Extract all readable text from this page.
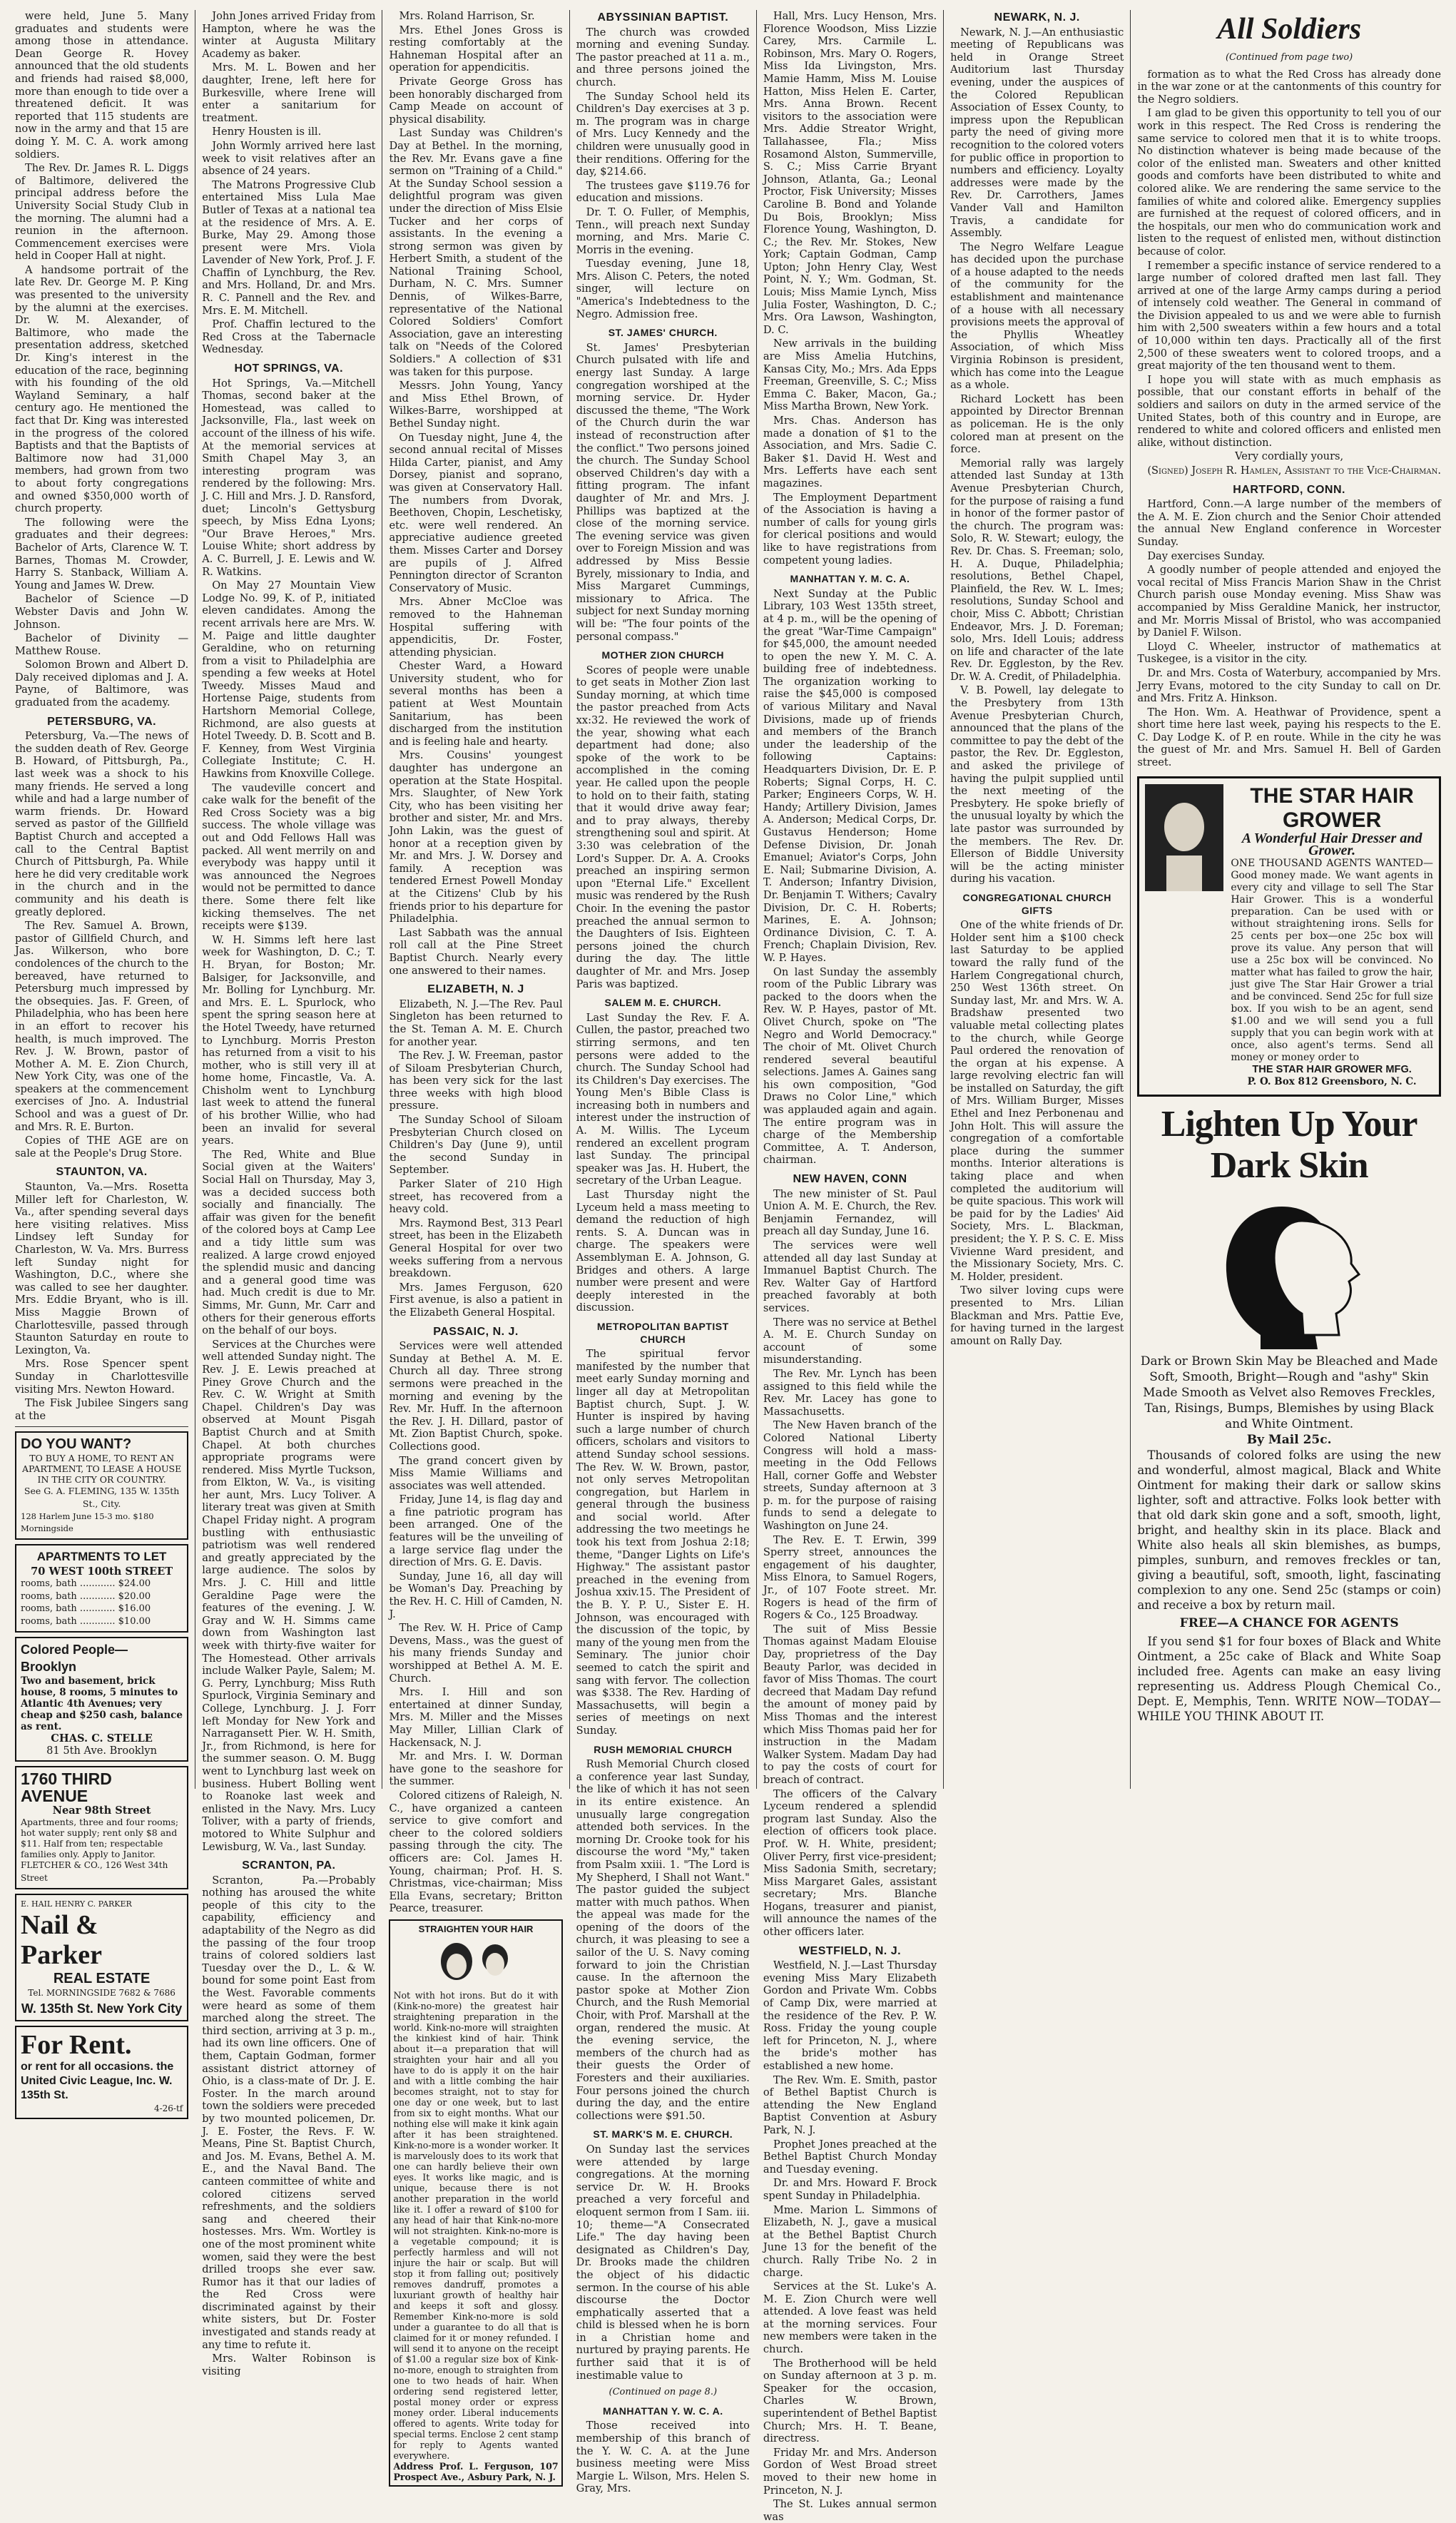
were held, June 5. Many graduates and students were among those in attendance. Dean George R. Hovey announced that the old students and friends had raised $8,000, more than enough to tide over a threatened deficit. It was reported that 115 students are now in the army and that 15 are doing Y. M. C. A. work among soldiers.

The Rev. Dr. James R. L. Diggs of Baltimore, delivered the principal address before the University Social Study Club in the morning. The alumni had a reunion in the afternoon. Commencement exercises were held in Cooper Hall at night.

A handsome portrait of the late Rev. Dr. George M. P. King was presented to the university by the alumni at the exercises. Dr. W. M. Alexander, of Baltimore, who made the presentation address, sketched Dr. King's interest in the education of the race, beginning with his founding of the old Wayland Seminary, a half century ago. He mentioned the fact that Dr. King was interested in the progress of the colored Baptists and that the Baptists of Baltimore now had 31,000 members, had grown from two to about forty congregations and owned $350,000 worth of church property.

The following were the graduates and their degrees: Bachelor of Arts, Clarence W. T. Barnes, Thomas M. Crowder, Harry S. Stanback, William A. Young and James W. Drew.

Bachelor of Science —D Webster Davis and John W. Johnson.

Bachelor of Divinity — Matthew Rouse.

Solomon Brown and Albert D. Daly received diplomas and J. A. Payne, of Baltimore, was graduated from the academy.

PETERSBURG, VA.

Petersburg, Va.—The news of the sudden death of Rev. George B. Howard, of Pittsburgh, Pa., last week was a shock to his many friends. He served a long while and had a large number of warm friends. Dr. Howard served as pastor of the Gillfield Baptist Church and accepted a call to the Central Baptist Church of Pittsburgh, Pa. While here he did very creditable work in the church and in the community and his death is greatly deplored.

The Rev. Samuel A. Brown, pastor of Gillfield Church, and Jas. Wilkerson, who bore condolences of the church to the bereaved, have returned to Petersburg much impressed by the obsequies. Jas. F. Green, of Philadelphia, who has been here in an effort to recover his health, is much improved. The Rev. J. W. Brown, pastor of Mother A. M. E. Zion Church, New York City, was one of the speakers at the commencement exercises of Jno. A. Industrial School and was a guest of Dr. and Mrs. R. E. Burton.

Copies of THE AGE are on sale at the People's Drug Store.

STAUNTON, VA.

Staunton, Va.—Mrs. Rosetta Miller left for Charleston, W. Va., after spending several days here visiting relatives. Miss Lindsey left Sunday for Charleston, W. Va. Mrs. Burress left Sunday night for Washington, D.C., where she was called to see her daughter. Mrs. Eddie Bryant, who is ill. Miss Maggie Brown of Charlottesville, passed through Staunton Saturday en route to Lexington, Va.

Mrs. Rose Spencer spent Sunday in Charlottesville visiting Mrs. Newton Howard.

The Fisk Jubilee Singers sang at the

DO YOU WANT?
TO BUY A HOME, TO RENT AN APARTMENT, TO LEASE A HOUSE IN THE CITY OR COUNTRY.
See G. A. FLEMING, 135 W. 135th St., City.
128 Harlem June 15-3 mo. $180 Morningside
APARTMENTS TO LET
70 WEST 100th STREET
rooms, bath ............ $24.00
rooms, bath ............ $20.00
rooms, bath ............ $16.00
rooms, bath ............ $10.00
Colored People—Brooklyn
Two and basement, brick house, 8 rooms, 5 minutes to Atlantic 4th Avenues; very cheap and $250 cash, balance as rent.
CHAS. C. STELLE
81 5th Ave. Brooklyn
1760 THIRD AVENUE
Near 98th Street
Apartments, three and four rooms; hot water supply; rent only $8 and $11. Half from ten; respectable families only. Apply to Janitor.
FLETCHER & CO., 126 West 34th Street
E. HAIL HENRY C. PARKER
Nail & Parker
REAL ESTATE
Tel. MORNINGSIDE 7682 & 7686
W. 135th St. New York City
For Rent.
or rent for all occasions. the United Civic League, Inc. W. 135th St.
4-26-tf

John Jones arrived Friday from Hampton, where he was the winter at Augusta Military Academy as baker.

Mrs. M. L. Bowen and her daughter, Irene, left here for Burkesville, where Irene will enter a sanitarium for treatment.

Henry Housten is ill.

John Wormly arrived here last week to visit relatives after an absence of 24 years.

The Matrons Progressive Club entertained Miss Lula Mae Butler of Texas at a national tea at the residence of Mrs. A. E. Burke, May 29. Among those present were Mrs. Viola Lavender of New York, Prof. J. F. Chaffin of Lynchburg, the Rev. and Mrs. Holland, Dr. and Mrs. R. C. Pannell and the Rev. and Mrs. E. M. Mitchell.

Prof. Chaffin lectured to the Red Cross at the Tabernacle Wednesday.

HOT SPRINGS, VA.

Hot Springs, Va.—Mitchell Thomas, second baker at the Homestead, was called to Jacksonville, Fla., last week on account of the illness of his wife. At the memorial services at Smith Chapel May 3, an interesting program was rendered by the following: Mrs. J. C. Hill and Mrs. J. D. Ransford, duet; Lincoln's Gettysburg speech, by Miss Edna Lyons; "Our Brave Heroes," Mrs. Louise White; short address by A. C. Burrell, J. E. Lewis and W. R. Watkins.

On May 27 Mountain View Lodge No. 99, K. of P., initiated eleven candidates. Among the recent arrivals here are Mrs. W. M. Paige and little daughter Geraldine, who on returning from a visit to Philadelphia are spending a few weeks at Hotel Tweedy. Misses Maud and Hortense Paige, students from Hartshorn Memorial College, Richmond, are also guests at Hotel Tweedy. D. B. Scott and B. F. Kenney, from West Virginia Collegiate Institute; C. H. Hawkins from Knoxville College.

The vaudeville concert and cake walk for the benefit of the Red Cross Society was a big success. The whole village was out and Odd Fellows Hall was packed. All went merrily on and everybody was happy until it was announced the Negroes would not be permitted to dance there. Some there felt like kicking themselves. The net receipts were $139.

W. H. Simms left here last week for Washington, D. C.; T. H. Bryan, for Boston; Mr. Balsiger, for Jacksonville, and Mr. Bolling for Lynchburg. Mr. and Mrs. E. L. Spurlock, who spent the spring season here at the Hotel Tweedy, have returned to Lynchburg. Morris Preston has returned from a visit to his mother, who is still very ill at home home, Fincastle, Va. A. Chisholm went to Lynchburg last week to attend the funeral of his brother Willie, who had been an invalid for several years.

The Red, White and Blue Social given at the Waiters' Social Hall on Thursday, May 3, was a decided success both socially and financially. The affair was given for the benefit of the colored boys at Camp Lee and a tidy little sum was realized. A large crowd enjoyed the splendid music and dancing and a general good time was had. Much credit is due to Mr. Simms, Mr. Gunn, Mr. Carr and others for their generous efforts on the behalf of our boys.

Services at the Churches were well attended Sunday night. The Rev. J. E. Lewis preached at Piney Grove Church and the Rev. C. W. Wright at Smith Chapel. Children's Day was observed at Mount Pisgah Baptist Church and at Smith Chapel. At both churches appropriate programs were rendered. Miss Myrtle Tuckson, from Elkton, W. Va., is visiting her aunt, Mrs. Lucy Toliver. A literary treat was given at Smith Chapel Friday night. A program bustling with enthusiastic patriotism was well rendered and greatly appreciated by the large audience. The solos by Mrs. J. C. Hill and little Geraldine Page were the features of the evening. J. W. Gray and W. H. Simms came down from Washington last week with thirty-five waiter for The Homestead. Other arrivals include Walker Payle, Salem; M. G. Perry, Lynchburg; Miss Ruth Spurlock, Virginia Seminary and College, Lynchburg. J. J. Forr left Monday for New York and Narragansett Pier. W. H. Smith, Jr., from Richmond, is here for the summer season. O. M. Bugg went to Lynchburg last week on business. Hubert Bolling went to Roanoke last week and enlisted in the Navy. Mrs. Lucy Toliver, with a party of friends, motored to White Sulphur and Lewisburg, W. Va., last Sunday.

SCRANTON, PA.

Scranton, Pa.—Probably nothing has aroused the white people of this city to the capability, efficiency and adaptability of the Negro as did the passing of the four troop trains of colored soldiers last Tuesday over the D., L. & W. bound for some point East from the West. Favorable comments were heard as some of them marched along the street. The third section, arriving at 3 p. m., had its own line officers. One of them, Captain Godman, former assistant district attorney of Ohio, is a class-mate of Dr. J. E. Foster. In the march around town the soldiers were preceded by two mounted policemen, Dr. J. E. Foster, the Revs. F. W. Means, Pine St. Baptist Church, and Jos. M. Evans, Bethel A. M. E., and the Naval Band. The canteen committee of white and colored citizens served refreshments, and the soldiers sang and cheered their hostesses. Mrs. Wm. Wortley is one of the most prominent white women, said they were the best drilled troops she ever saw. Rumor has it that our ladies of the Red Cross were discriminated against by their white sisters, but Dr. Foster investigated and stands ready at any time to refute it.

Mrs. Walter Robinson is visiting

Mrs. Roland Harrison, Sr.

Mrs. Ethel Jones Gross is resting comfortably at the Hahneman Hospital after an operation for appendicitis.

Private George Gross has been honorably discharged from Camp Meade on account of physical disability.

Last Sunday was Children's Day at Bethel. In the morning, the Rev. Mr. Evans gave a fine sermon on "Training of a Child." At the Sunday School session a delightful program was given under the direction of Miss Elsie Tucker and her corps of assistants. In the evening a strong sermon was given by Herbert Smith, a student of the National Training School, Durham, N. C. Mrs. Sumner Dennis, of Wilkes-Barre, representative of the National Colored Soldiers' Comfort Association, gave an interesting talk on "Needs of the Colored Soldiers." A collection of $31 was taken for this purpose.

Messrs. John Young, Yancy and Miss Ethel Brown, of Wilkes-Barre, worshipped at Bethel Sunday night.

On Tuesday night, June 4, the second annual recital of Misses Hilda Carter, pianist, and Amy Dorsey, pianist and soprano, was given at Conservatory Hall. The numbers from Dvorak, Beethoven, Chopin, Leschetisky, etc. were well rendered. An appreciative audience greeted them. Misses Carter and Dorsey are pupils of J. Alfred Pennington director of Scranton Conservatory of Music.

Mrs. Abner McCloe was removed to the Hahneman Hospital suffering with appendicitis, Dr. Foster, attending physician.

Chester Ward, a Howard University student, who for several months has been a patient at West Mountain Sanitarium, has been discharged from the institution and is feeling hale and hearty.

Mrs. Cousins' youngest daughter has undergone an operation at the State Hospital. Mrs. Slaughter, of New York City, who has been visiting her brother and sister, Mr. and Mrs. John Lakin, was the guest of honor at a reception given by Mr. and Mrs. J. W. Dorsey and family. A reception was tendered Ernest Powell Monday at the Citizens' Club by his friends prior to his departure for Philadelphia.

Last Sabbath was the annual roll call at the Pine Street Baptist Church. Nearly every one answered to their names.

ELIZABETH, N. J

Elizabeth, N. J.—The Rev. Paul Singleton has been returned to the St. Teman A. M. E. Church for another year.

The Rev. J. W. Freeman, pastor of Siloam Presbyterian Church, has been very sick for the last three weeks with high blood pressure.

The Sunday School of Siloam Presbyterian Church closed on Children's Day (June 9), until the second Sunday in September.

Parker Slater of 210 High street, has recovered from a heavy cold.

Mrs. Raymond Best, 313 Pearl street, has been in the Elizabeth General Hospital for over two weeks suffering from a nervous breakdown.

Mrs. James Ferguson, 620 First avenue, is also a patient in the Elizabeth General Hospital.

PASSAIC, N. J.

Services were well attended Sunday at Bethel A. M. E. Church all day. Three strong sermons were preached in the morning and evening by the Rev. Mr. Huff. In the afternoon the Rev. J. H. Dillard, pastor of Mt. Zion Baptist Church, spoke. Collections good.

The grand concert given by Miss Mamie Williams and associates was well attended.

Friday, June 14, is flag day and a fine patriotic program has been arranged. One of the features will be the unveiling of a large service flag under the direction of Mrs. G. E. Davis.

Sunday, June 16, all day will be Woman's Day. Preaching by the Rev. H. C. Hill of Camden, N. J.

The Rev. W. H. Price of Camp Devens, Mass., was the guest of his many friends Sunday and worshipped at Bethel A. M. E. Church.

Mrs. I. Hill and son entertained at dinner Sunday, Mrs. M. Miller and the Misses May Miller, Lillian Clark of Hackensack, N. J.

Mr. and Mrs. I. W. Dorman have gone to the seashore for the summer.

Colored citizens of Raleigh, N. C., have organized a canteen service to give comfort and cheer to the colored soldiers passing through the city. The officers are: Col. James H. Young, chairman; Prof. H. S. Christmas, vice-chairman; Miss Ella Evans, secretary; Britton Pearce, treasurer.

STRAIGHTEN YOUR HAIR
Not with hot irons. But do it with (Kink-no-more) the greatest hair straightening preparation in the world. Kink-no-more will straighten the kinkiest kind of hair. Think about it—a preparation that will straighten your hair and all you have to do is apply it on the hair and with a little combing the hair becomes straight, not to stay for one day or one week, but to last from six to eight months. What our nothing else will make it kink again after it has been straightened. Kink-no-more is a wonder worker. It is marvelously does to its work that one can hardly believe their own eyes. It works like magic, and is unique, because there is not another preparation in the world like it. I offer a reward of $100 for any head of hair that Kink-no-more will not straighten. Kink-no-more is a vegetable compound; it is perfectly harmless and will not injure the hair or scalp. But will stop it from falling out; positively removes dandruff, promotes a luxuriant growth of healthy hair and keeps it soft and glossy. Remember Kink-no-more is sold under a guarantee to do all that is claimed for it or money refunded. I will send it to anyone on the receipt of $1.00 a regular size box of Kink-no-more, enough to straighten from one to two heads of hair. When ordering send registered letter, postal money order or express money order. Liberal inducements offered to agents. Write today for special terms. Enclose 2 cent stamp for reply to Agents wanted everywhere.
Address Prof. L. Ferguson, 107 Prospect Ave., Asbury Park, N. J.
ABYSSINIAN BAPTIST.

The church was crowded morning and evening Sunday. The pastor preached at 11 a. m., and three persons joined the church.

The Sunday School held its Children's Day exercises at 3 p. m. The program was in charge of Mrs. Lucy Kennedy and the children were unusually good in their renditions. Offering for the day, $214.66.

The trustees gave $119.76 for education and missions.

Dr. T. O. Fuller, of Memphis, Tenn., will preach next Sunday morning, and Mrs. Marie C. Morris in the evening.

Tuesday evening, June 18, Mrs. Alison C. Peters, the noted singer, will lecture on "America's Indebtedness to the Negro. Admission free.

ST. JAMES' CHURCH.

St. James' Presbyterian Church pulsated with life and energy last Sunday. A large congregation worshiped at the morning service. Dr. Hyder discussed the theme, "The Work of the Church durin the war instead of reconstruction after the conflict." Two persons joined the church. The Sunday School observed Children's day with a fitting program. The infant daughter of Mr. and Mrs. J. Phillips was baptized at the close of the morning service. The evening service was given over to Foreign Mission and was addressed by Miss Bessie Byrely, missionary to India, and Miss Margaret Cummings, missionary to Africa. The subject for next Sunday morning will be: "The four points of the personal compass."

MOTHER ZION CHURCH

Scores of people were unable to get seats in Mother Zion last Sunday morning, at which time the pastor preached from Acts xx:32. He reviewed the work of the year, showing what each department had done; also spoke of the work to be accomplished in the coming year. He called upon the people to hold on to their faith, stating that it would drive away fear; and to pray always, thereby strengthening soul and spirit. At 3:30 was celebration of the Lord's Supper. Dr. A. A. Crooks preached an inspiring sermon upon "Eternal Life." Excellent music was rendered by the Rush Choir. In the evening the pastor preached the annual sermon to the Daughters of Isis. Eighteen persons joined the church during the day. The little daughter of Mr. and Mrs. Josep Paris was baptized.

SALEM M. E. CHURCH.

Last Sunday the Rev. F. A. Cullen, the pastor, preached two stirring sermons, and ten persons were added to the church. The Sunday School had its Children's Day exercises. The Young Men's Bible Class is increasing both in numbers and interest under the instruction of A. M. Willis. The Lyceum rendered an excellent program last Sunday. The principal speaker was Jas. H. Hubert, the secretary of the Urban League.

Last Thursday night the Lyceum held a mass meeting to demand the reduction of high rents. S. A. Duncan was in charge. The speakers were Assemblyman E. A. Johnson, G. Bridges and others. A large number were present and were deeply interested in the discussion.

METROPOLITAN BAPTIST CHURCH

The spiritual fervor manifested by the number that meet early Sunday morning and linger all day at Metropolitan Baptist church, Supt. J. W. Hunter is inspired by having such a large number of church officers, scholars and visitors to attend Sunday school sessions. The Rev. W. W. Brown, pastor, not only serves Metropolitan congregation, but Harlem in general through the business and social world. After addressing the two meetings he took his text from Joshua 2:18; theme, "Danger Lights on Life's Highway." The assistant pastor preached in the evening from Joshua xxiv.15. The President of the B. Y. P. U., Sister E. H. Johnson, was encouraged with the discussion of the topic, by many of the young men from the Seminary. The junior choir seemed to catch the spirit and sang with fervor. The collection was $338. The Rev. Harding of Massachusetts, will begin a series of meetings on next Sunday.

RUSH MEMORIAL CHURCH

Rush Memorial Church closed a conference year last Sunday, the like of which it has not seen in its entire existence. An unusually large congregation attended both services. In the morning Dr. Crooke took for his discourse the word "My," taken from Psalm xxiii. 1. "The Lord is My Shepherd, I Shall not Want." The pastor guided the subject matter with much pathos. When the appeal was made for the opening of the doors of the church, it was pleasing to see a sailor of the U. S. Navy coming forward to join the Christian cause. In the afternoon the pastor spoke at Mother Zion Church, and the Rush Memorial Choir, with Prof. Marshall at the organ, rendered the music. At the evening service, the members of the church had as their guests the Order of Foresters and their auxiliaries. Four persons joined the church during the day, and the entire collections were $91.50.

ST. MARK'S M. E. CHURCH.

On Sunday last the services were attended by large congregations. At the morning service Dr. W. H. Brooks preached a very forceful and eloquent sermon from I Sam. iii. 10; theme—"A Consecrated Life." The day having been designated as Children's Day, Dr. Brooks made the children the object of his didactic sermon. In the course of his able discourse the Doctor emphatically asserted that a child is blessed when he is born in a Christian home and nurtured by praying parents. He further said that it is of inestimable value to

(Continued on page 8.)
MANHATTAN Y. W. C. A.

Those received into membership of this branch of the Y. W. C. A. at the June business meeting were Miss Margie L. Wilson, Mrs. Helen S. Gray, Mrs.

Hall, Mrs. Lucy Henson, Mrs. Florence Woodson, Miss Lizzie Carey, Mrs. Carmile L. Robinson, Mrs. Mary O. Rogers, Miss Ida Livingston, Mrs. Mamie Hamm, Miss M. Louise Hatton, Miss Helen E. Carter, Mrs. Anna Brown. Recent visitors to the association were Mrs. Addie Streator Wright, Tallahassee, Fla.; Miss Rosamond Alston, Summerville, S. C.; Miss Carrie Bryant Johnson, Atlanta, Ga.; Leonal Proctor, Fisk University; Misses Caroline B. Bond and Yolande Du Bois, Brooklyn; Miss Florence Young, Washington, D. C.; the Rev. Mr. Stokes, New York; Captain Godman, Camp Upton; John Henry Clay, West Point, N. Y.; Wm. Godman, St. Louis; Miss Mamie Lynch, Miss Julia Foster, Washington, D. C.; Mrs. Ora Lawson, Washington, D. C.

New arrivals in the building are Miss Amelia Hutchins, Kansas City, Mo.; Mrs. Ada Epps Freeman, Greenville, S. C.; Miss Emma C. Baker, Macon, Ga.; Miss Martha Brown, New York.

Mrs. Chas. Anderson has made a donation of $1 to the Association, and Mrs. Sadie C. Baker $1. David H. West and Mrs. Lefferts have each sent magazines.

The Employment Department of the Association is having a number of calls for young girls for clerical positions and would like to have registrations from competent young ladies.

MANHATTAN Y. M. C. A.

Next Sunday at the Public Library, 103 West 135th street, at 4 p. m., will be the opening of the great "War-Time Campaign" for $45,000, the amount needed to open the new Y. M. C. A. building free of indebtedness. The organization working to raise the $45,000 is composed of various Military and Naval Divisions, made up of friends and members of the Branch under the leadership of the following Captains: Headquarters Division, Dr. E. P. Roberts; Signal Corps, H. C. Parker; Engineers Corps, W. H. Handy; Artillery Division, James A. Anderson; Medical Corps, Dr. Gustavus Henderson; Home Defense Division, Dr. Jonah Emanuel; Aviator's Corps, John E. Nail; Submarine Division, A. T. Anderson; Infantry Division, Dr. Benjamin T. Withers; Cavalry Division, Dr. C. H. Roberts; Marines, E. A. Johnson; Ordinance Division, C. T. A. French; Chaplain Division, Rev. W. P. Hayes.

On last Sunday the assembly room of the Public Library was packed to the doors when the Rev. W. P. Hayes, pastor of Mt. Olivet Church, spoke on "The Negro and World Democracy." The choir of Mt. Olivet Church rendered several beautiful selections. James A. Gaines sang his own composition, "God Draws no Color Line," which was applauded again and again. The entire program was in charge of the Membership Committee, A. T. Anderson, chairman.

NEW HAVEN, CONN

The new minister of St. Paul Union A. M. E. Church, the Rev. Benjamin Fernandez, will preach all day Sunday, June 16.

The services were well attended all day last Sunday at Immanuel Baptist Church. The Rev. Walter Gay of Hartford preached favorably at both services.

There was no service at Bethel A. M. E. Church Sunday on account of some misunderstanding.

The Rev. Mr. Lynch has been assigned to this field while the Rev. Mr. Lacey has gone to Massachusetts.

The New Haven branch of the Colored National Liberty Congress will hold a mass-meeting in the Odd Fellows Hall, corner Goffe and Webster streets, Sunday afternoon at 3 p. m. for the purpose of raising funds to send a delegate to Washington on June 24.

The Rev. E. T. Erwin, 399 Sperry street, announces the engagement of his daughter, Miss Elnora, to Samuel Rogers, Jr., of 107 Foote street. Mr. Rogers is head of the firm of Rogers & Co., 125 Broadway.

The suit of Miss Bessie Thomas against Madam Elouise Day, proprietress of the Day Beauty Parlor, was decided in favor of Miss Thomas. The court decreed that Madam Day refund the amount of money paid by Miss Thomas and the interest which Miss Thomas paid her for instruction in the Madam Walker System. Madam Day had to pay the costs of court for breach of contract.

The officers of the Calvary Lyceum rendered a splendid program last Sunday. Also the election of officers took place. Prof. W. H. White, president; Oliver Perry, first vice-president; Miss Sadonia Smith, secretary; Miss Margaret Gales, assistant secretary; Mrs. Blanche Hogans, treasurer and pianist, will announce the names of the other officers later.

WESTFIELD, N. J.

Westfield, N. J.—Last Thursday evening Miss Mary Elizabeth Gordon and Private Wm. Cobbs of Camp Dix, were married at the residence of the Rev. P. W. Ross. Friday the young couple left for Princeton, N. J., where the bride's mother has established a new home.

The Rev. Wm. E. Smith, pastor of Bethel Baptist Church is attending the New England Baptist Convention at Asbury Park, N. J.

Prophet Jones preached at the Bethel Baptist Church Monday and Tuesday evening.

Dr. and Mrs. Howard F. Brock spent Sunday in Philadelphia.

Mme. Marion L. Simmons of Elizabeth, N. J., gave a musical at the Bethel Baptist Church June 13 for the benefit of the church. Rally Tribe No. 2 in charge.

Services at the St. Luke's A. M. E. Zion Church were well attended. A love feast was held at the morning services. Four new members were taken in the church.

The Brotherhood will be held on Sunday afternoon at 3 p. m. Speaker for the occasion, Charles W. Brown, superintendent of Bethel Baptist Church; Mrs. H. T. Beane, directress.

Friday Mr. and Mrs. Anderson Gordon of West Broad street moved to their new home in Princeton, N. J.

The St. Lukes annual sermon was

NEWARK, N. J.

Newark, N. J.—An enthusiastic meeting of Republicans was held in Orange Street Auditorium last Thursday evening, under the auspices of the Colored Republican Association of Essex County, to impress upon the Republican party the need of giving more recognition to the colored voters for public office in proportion to numbers and efficiency. Loyalty addresses were made by the Rev. Dr. Carrothers, James Vander Vall and Hamilton Travis, a candidate for Assembly.

The Negro Welfare League has decided upon the purchase of a house adapted to the needs of the community for the establishment and maintenance of a house with all necessary provisions meets the approval of the Phyllis Wheatley Association, of which Miss Virginia Robinson is president, which has come into the League as a whole.

Richard Lockett has been appointed by Director Brennan as policeman. He is the only colored man at present on the force.

Memorial rally was largely attended last Sunday at 13th Avenue Presbyterian Church, for the purpose of raising a fund in honor of the former pastor of the church. The program was: Solo, R. W. Stewart; eulogy, the Rev. Dr. Chas. S. Freeman; solo, H. A. Duque, Philadelphia; resolutions, Bethel Chapel, Plainfield, the Rev. W. L. Imes; resolutions, Sunday School and choir, Miss C. Abbott; Christian Endeavor, Mrs. J. D. Foreman; solo, Mrs. Idell Louis; address on life and character of the late Rev. Dr. Eggleston, by the Rev. Dr. W. A. Credit, of Philadelphia.

V. B. Powell, lay delegate to the Presbytery from 13th Avenue Presbyterian Church, announced that the plans of the committee to pay the debt of the pastor, the Rev. Dr. Eggleston, and asked the privilege of having the pulpit supplied until the next meeting of the Presbytery. He spoke briefly of the unusual loyalty by which the late pastor was surrounded by the members. The Rev. Dr. Ellerson of Biddle University will be the acting minister during his vacation.

CONGREGATIONAL CHURCH GIFTS

One of the white friends of Dr. Holder sent him a $100 check last Saturday to be applied toward the rally fund of the Harlem Congregational church, 250 West 136th street. On Sunday last, Mr. and Mrs. W. A. Bradshaw presented two valuable metal collecting plates to the church, while George Paul ordered the renovation of the organ at his expense. A large revolving electric fan will be installed on Saturday, the gift of Mrs. William Burger, Misses Ethel and Inez Perbonenau and John Holt. This will assure the congregation of a comfortable place during the summer months. Interior alterations is taking place and when completed the auditorium will be quite spacious. This work will be paid for by the Ladies' Aid Society, Mrs. L. Blackman, president; the Y. P. S. C. E. Miss Vivienne Ward president, and the Missionary Society, Mrs. C. M. Holder, president.

Two silver loving cups were presented to Mrs. Lilian Blackman and Mrs. Pattie Eve, for having turned in the largest amount on Rally Day.

All Soldiers
(Continued from page two)

formation as to what the Red Cross has already done in the war zone or at the cantonments of this country for the Negro soldiers.

I am glad to be given this opportunity to tell you of our work in this respect. The Red Cross is rendering the same service to colored men that it is to white troops. No distinction whatever is being made because of the color of the enlisted man. Sweaters and other knitted goods and comforts have been distributed to white and colored alike. We are rendering the same service to the families of white and colored alike. Emergency supplies are furnished at the request of colored officers, and in the hospitals, our men who do communication work and listen to the request of enlisted men, without distinction because of color.

I remember a specific instance of service rendered to a large number of colored drafted men last fall. They arrived at one of the large Army camps during a period of intensely cold weather. The General in command of the Division appealed to us and we were able to furnish him with 2,500 sweaters within a few hours and a total of 10,000 within ten days. Practically all of the first 2,500 of these sweaters went to colored troops, and a great majority of the ten thousand went to them.

I hope you will state with as much emphasis as possible, that our constant efforts in behalf of the soldiers and sailors on duty in the armed service of the United States, both of this country and in Europe, are rendered to white and colored officers and enlisted men alike, without distinction.

Very cordially yours,

(Signed) Joseph R. Hamlen, Assistant to the Vice-Chairman.

HARTFORD, CONN.

Hartford, Conn.—A large number of the members of the A. M. E. Zion church and the Senior Choir attended the annual New England conference in Worcester Sunday.

Day exercises Sunday.

A goodly number of people attended and enjoyed the vocal recital of Miss Francis Marion Shaw in the Christ Church parish ouse Monday evening. Miss Shaw was accompanied by Miss Geraldine Manick, her instructor, and Mr. Morris Missal of Bristol, who was accompanied by Daniel F. Wilson.

Lloyd C. Wheeler, instructor of mathematics at Tuskegee, is a visitor in the city.

Dr. and Mrs. Costa of Waterbury, accompanied by Mrs. Jerry Evans, motored to the city Sunday to call on Dr. and Mrs. Fritz A. Hinkson.

The Hon. Wm. A. Heathwar of Providence, spent a short time here last week, paying his respects to the E. C. Day Lodge K. of P. en route. While in the city he was the guest of Mr. and Mrs. Samuel H. Bell of Garden street.

THE STAR HAIR GROWER
A Wonderful Hair Dresser and Grower.
ONE THOUSAND AGENTS WANTED—Good money made. We want agents in every city and village to sell The Star Hair Grower. This is a wonderful preparation. Can be used with or without straightening irons. Sells for 25 cents per box—one 25c box will prove its value. Any person that will use a 25c box will be convinced. No matter what has failed to grow the hair, just give The Star Hair Grower a trial and be convinced. Send 25c for full size box. If you wish to be an agent, send $1.00 and we will send you a full supply that you can begin work with at once, also agent's terms. Send all money or money order to
THE STAR HAIR GROWER MFG.
P. O. Box 812 Greensboro, N. C.
Lighten Up Your Dark Skin
Dark or Brown Skin May be Bleached and Made Soft, Smooth, Bright—Rough and "ashy" Skin Made Smooth as Velvet also Removes Freckles, Tan, Risings, Bumps, Blemishes by using Black and White Ointment.
By Mail 25c.

Thousands of colored folks are using the new and wonderful, almost magical, Black and White Ointment for making their dark or sallow skins lighter, soft and attractive. Folks look better with that old dark skin gone and a soft, smooth, light, bright, and healthy skin in its place. Black and White also heals all skin blemishes, as bumps, pimples, sunburn, and removes freckles or tan, giving a beautiful, soft, smooth, light, fascinating complexion to any one. Send 25c (stamps or coin) and receive a box by return mail.

FREE—A CHANCE FOR AGENTS

If you send $1 for four boxes of Black and White Ointment, a 25c cake of Black and White Soap included free. Agents can make an easy living representing us. Address Plough Chemical Co., Dept. E, Memphis, Tenn. WRITE NOW—TODAY—WHILE YOU THINK ABOUT IT.
